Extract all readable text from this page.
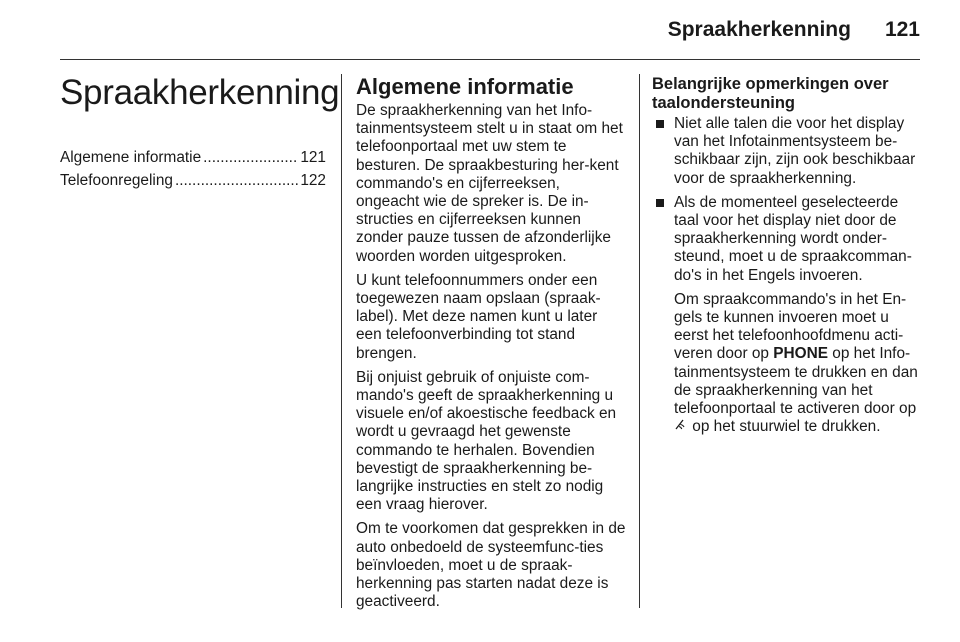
Spraakherkenning 121
Spraakherkenning
Algemene informatie .....	121
Telefoonregeling .....	122
Algemene informatie

De spraakherkenning van het Info-tainmentsysteem stelt u in staat om het telefoonportaal met uw stem te besturen. De spraakbesturing her-kent commando's en cijferreeksen, ongeacht wie de spreker is. De in-structies en cijferreeksen kunnen zonder pauze tussen de afzonderlijke woorden worden uitgesproken.

U kunt telefoonnummers onder een toegewezen naam opslaan (spraak-label). Met deze namen kunt u later een telefoonverbinding tot stand brengen.

Bij onjuist gebruik of onjuiste com-mando's geeft de spraakherkenning u visuele en/of akoestische feedback en wordt u gevraagd het gewenste commando te herhalen. Bovendien bevestigt de spraakherkenning be-langrijke instructies en stelt zo nodig een vraag hierover.

Om te voorkomen dat gesprekken in de auto onbedoeld de systeemfunc-ties beïnvloeden, moet u de spraak-herkenning pas starten nadat deze is geactiveerd.

Belangrijke opmerkingen over taalondersteuning
Niet alle talen die voor het display van het Infotainmentsysteem be-schikbaar zijn, zijn ook beschikbaar voor de spraakherkenning.
Als de momenteel geselecteerde taal voor het display niet door de spraakherkenning wordt onder-steund, moet u de spraakcomman-do's in het Engels invoeren.

Om spraakcommando's in het En-gels te kunnen invoeren moet u eerst het telefoonhoofdmenu acti-veren door op PHONE op het Info-tainmentsysteem te drukken en dan de spraakherkenning van het telefoonportaal te activeren door op  op het stuurwiel te drukken.
